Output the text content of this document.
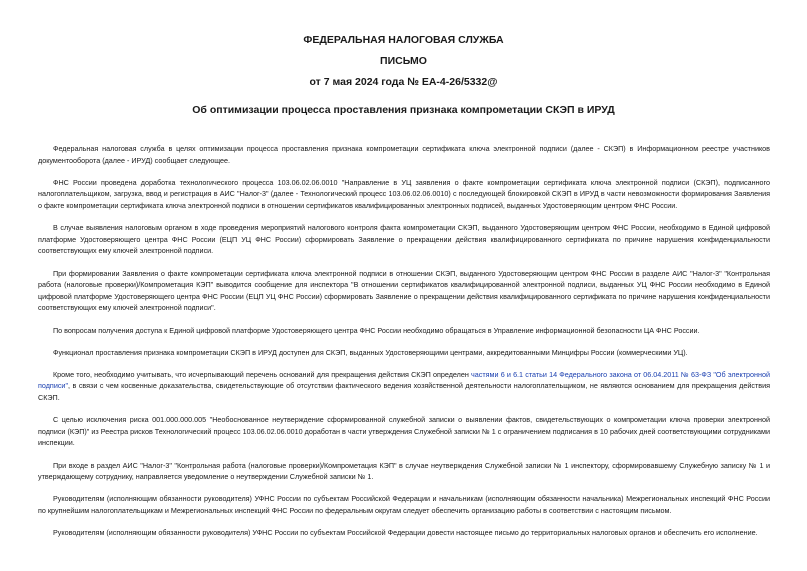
ФЕДЕРАЛЬНАЯ НАЛОГОВАЯ СЛУЖБА
ПИСЬМО
от 7 мая 2024 года № ЕА-4-26/5332@
Об оптимизации процесса проставления признака компрометации СКЭП в ИРУД

Федеральная налоговая служба в целях оптимизации процесса проставления признака компрометации сертификата ключа электронной подписи (далее - СКЭП) в Информационном реестре участников документооборота (далее - ИРУД) сообщает следующее.

ФНС России проведена доработка технологического процесса 103.06.02.06.0010 "Направление в УЦ заявления о факте компрометации сертификата ключа электронной подписи (СКЭП), подписанного налогоплательщиком, загрузка, ввод и регистрация в АИС "Налог-3" (далее - Технологический процесс 103.06.02.06.0010) с последующей блокировкой СКЭП в ИРУД в части невозможности формирования Заявления о факте компрометации сертификата ключа электронной подписи в отношении сертификатов квалифицированных электронных подписей, выданных Удостоверяющим центром ФНС России.

В случае выявления налоговым органом в ходе проведения мероприятий налогового контроля факта компрометации СКЭП, выданного Удостоверяющим центром ФНС России, необходимо в Единой цифровой платформе Удостоверяющего центра ФНС России (ЕЦП УЦ ФНС России) сформировать Заявление о прекращении действия квалифицированного сертификата по причине нарушения конфиденциальности соответствующих ему ключей электронной подписи.

При формировании Заявления о факте компрометации сертификата ключа электронной подписи в отношении СКЭП, выданного Удостоверяющим центром ФНС России в разделе АИС "Налог-3" "Контрольная работа (налоговые проверки)/Компрометация КЭП" выводится сообщение для инспектора "В отношении сертификатов квалифицированной электронной подписи, выданных УЦ ФНС России необходимо в Единой цифровой платформе Удостоверяющего центра ФНС России (ЕЦП УЦ ФНС России) сформировать Заявление о прекращении действия квалифицированного сертификата по причине нарушения конфиденциальности соответствующих ему ключей электронной подписи".

По вопросам получения доступа к Единой цифровой платформе Удостоверяющего центра ФНС России необходимо обращаться в Управление информационной безопасности ЦА ФНС России.

Функционал проставления признака компрометации СКЭП в ИРУД доступен для СКЭП, выданных Удостоверяющими центрами, аккредитованными Минцифры России (коммерческими УЦ).

Кроме того, необходимо учитывать, что исчерпывающий перечень оснований для прекращения действия СКЭП определен частями 6 и 6.1 статьи 14 Федерального закона от 06.04.2011 № 63-ФЗ "Об электронной подписи", в связи с чем косвенные доказательства, свидетельствующие об отсутствии фактического ведения хозяйственной деятельности налогоплательщиком, не являются основанием для прекращения действия СКЭП.

С целью исключения риска 001.000.000.005 "Необоснованное неутверждение сформированной служебной записки о выявлении фактов, свидетельствующих о компрометации ключа проверки электронной подписи (КЭП)" из Реестра рисков Технологический процесс 103.06.02.06.0010 доработан в части утверждения Служебной записки № 1 с ограничением подписания в 10 рабочих дней соответствующими сотрудниками инспекции.

При входе в раздел АИС "Налог-3" "Контрольная работа (налоговые проверки)/Компрометация КЭП" в случае неутверждения Служебной записки № 1 инспектору, сформировавшему Служебную записку № 1 и утверждающему сотруднику, направляется уведомление о неутверждении Служебной записки № 1.

Руководителям (исполняющим обязанности руководителя) УФНС России по субъектам Российской Федерации и начальникам (исполняющим обязанности начальника) Межрегиональных инспекций ФНС России по крупнейшим налогоплательщикам и Межрегиональных инспекций ФНС России по федеральным округам следует обеспечить организацию работы в соответствии с настоящим письмом.

Руководителям (исполняющим обязанности руководителя) УФНС России по субъектам Российской Федерации довести настоящее письмо до территориальных налоговых органов и обеспечить его исполнение.
